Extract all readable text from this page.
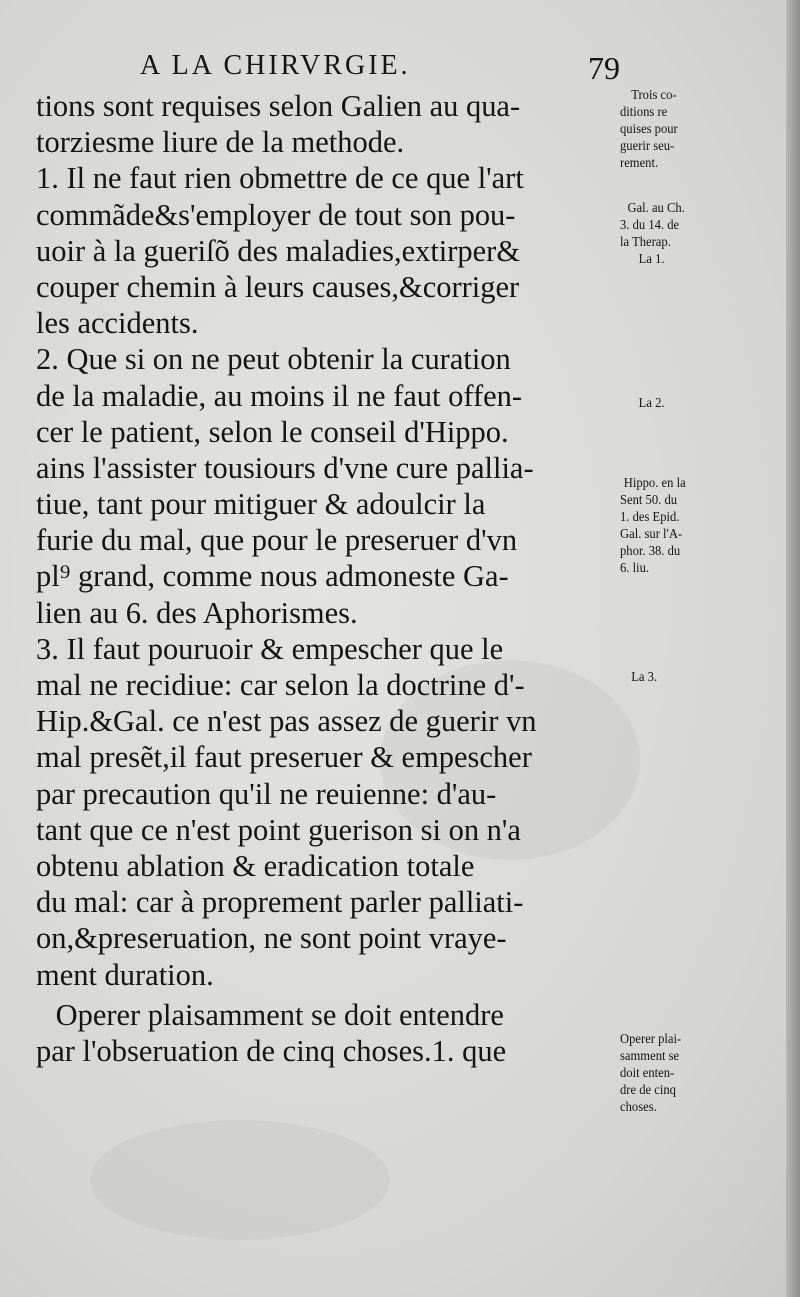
A LA CHIRVRGIE.	79
tions sont requises selon Galien au qua-
torziesme liure de la methode.
1. Il ne faut rien obmettre de ce que l'art
commãde&s'employer de tout son pou-
uoir à la gueriſõ des maladies,extirper&
couper chemin à leurs causes,&corriger
les accidents.
2. Que si on ne peut obtenir la curation
de la maladie, au moins il ne faut offen-
cer le patient, selon le conseil d'Hippo.
ains l'assister tousiours d'vne cure pallia-
tiue, tant pour mitiguer & adoulcir la
furie du mal, que pour le preseruer d'vn
pl⁹ grand, comme nous admoneste Ga-
lien au 6. des Aphorismes.
3. Il faut pouruoir & empescher que le
mal ne recidiue: car selon la doctrine d'-
Hip.&Gal. ce n'est pas assez de guerir vn
mal presẽt,il faut preseruer & empescher
par precaution qu'il ne reuienne: d'au-
tant que ce n'est point guerison si on n'a
obtenu ablation & eradication totale
du mal: car à proprement parler palliati-
on,&preseruation, ne sont point vraye-
ment duration.
Operer plaisamment se doit entendre
par l'obseruation de cinq choses.1. que
Trois co-
ditions re
quises pour
guerir seu-
rement.
Gal. au Ch.
3. du 14. de
la Therap.
La 1.
La 2.
Hippo. en la
Sent 50. du
1. des Epid.
Gal. sur l'A-
phor. 38. du
6. liu.
La 3.
Operer plai-
samment se
doit enten-
dre de cinq
choses.
